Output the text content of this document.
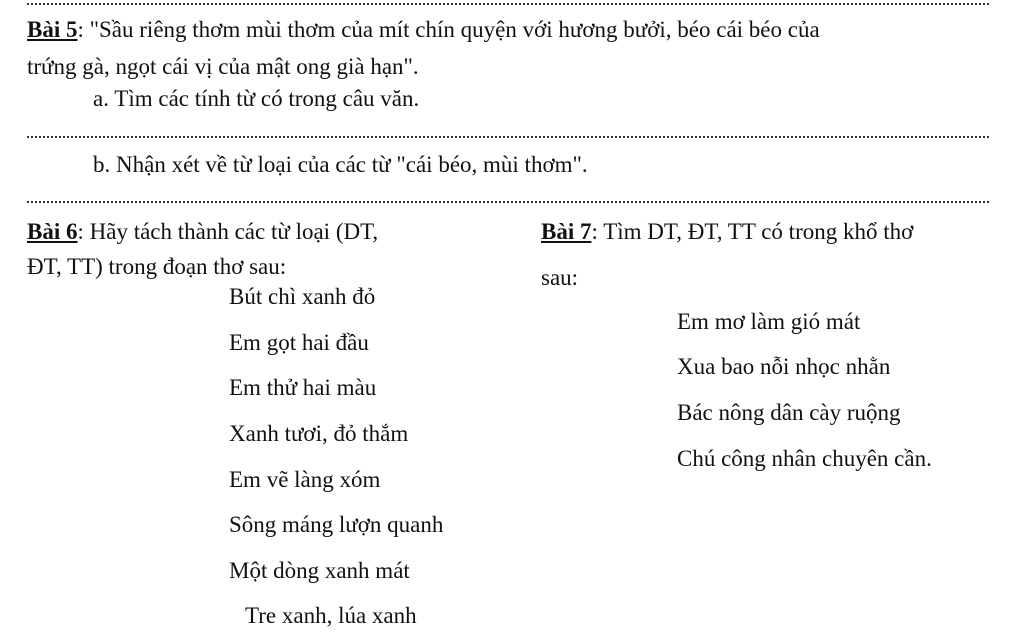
Bài 5: "Sầu riêng thơm mùi thơm của mít chín quyện với hương bưởi, béo cái béo của
trứng gà, ngọt cái vị của mật ong già hạn".
a. Tìm các tính từ có trong câu văn.
b. Nhận xét về từ loại của các từ "cái béo, mùi thơm".
Bài 6: Hãy tách thành các từ loại (DT,
ĐT, TT) trong đoạn thơ sau:
Bút chì xanh đỏ
Em gọt hai đầu
Em thử hai màu
Xanh tươi, đỏ thắm
Em vẽ làng xóm
Sông máng lượn quanh
Một dòng xanh mát
Tre xanh, lúa xanh
Bài 7: Tìm DT, ĐT, TT có trong khổ thơ
sau:
Em mơ làm gió mát
Xua bao nỗi nhọc nhằn
Bác nông dân cày ruộng
Chú công nhân chuyên cần.
